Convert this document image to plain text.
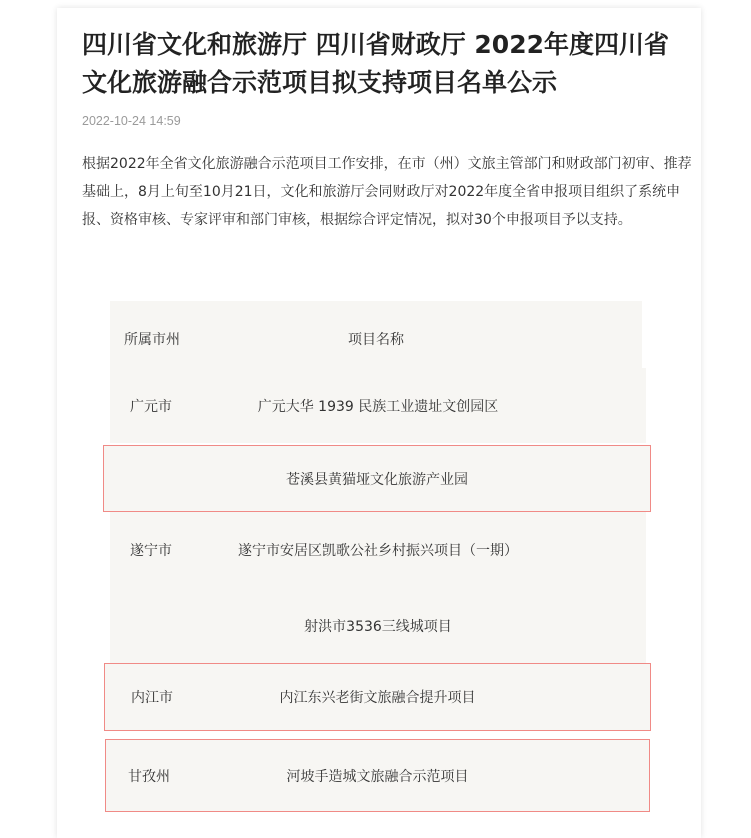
四川省文化和旅游厅 四川省财政厅 2022年度四川省文化旅游融合示范项目拟支持项目名单公示
2022-10-24 14:59

根据2022年全省文化旅游融合示范项目工作安排，在市（州）文旅主管部门和财政部门初审、推荐基础上，8月上旬至10月21日，文化和旅游厅会同财政厅对2022年度全省申报项目组织了系统申报、资格审核、专家评审和部门审核，根据综合评定情况，拟对30个申报项目予以支持。

所属市州	项目名称
广元市	广元大华 1939 民族工业遗址文创园区
苍溪县黄猫垭文化旅游产业园
遂宁市	遂宁市安居区凯歌公社乡村振兴项目（一期）
射洪市3536三线城项目
内江市	内江东兴老街文旅融合提升项目
甘孜州	河坡手造城文旅融合示范项目
